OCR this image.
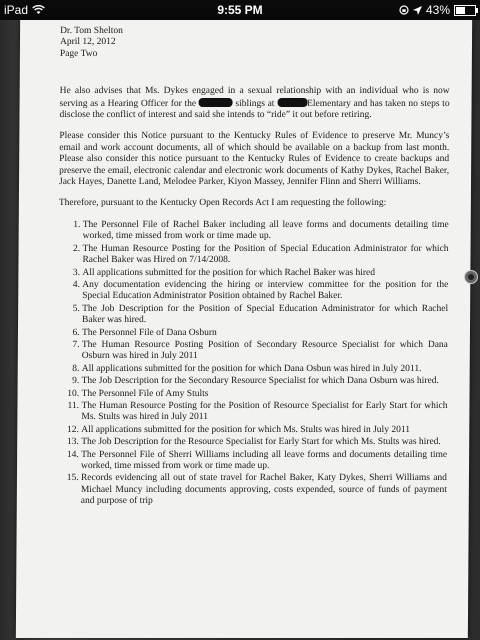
iPad	9:55 PM	43%

Dr. Tom Shelton

April 12, 2012

Page Two

He also advises that Ms. Dykes engaged in a sexual relationship with an individual who is now serving as a Hearing Officer for the	siblings at	Elementary and has taken no steps to disclose the conflict of interest and said she intends to “ride” it out before retiring.

Please consider this Notice pursuant to the Kentucky Rules of Evidence to preserve Mr. Muncy’s email and work account documents, all of which should be available on a backup from last month. Please also consider this notice pursuant to the Kentucky Rules of Evidence to create backups and preserve the email, electronic calendar and electronic work documents of Kathy Dykes, Rachel Baker, Jack Hayes, Danette Land, Melodee Parker, Kiyon Massey, Jennifer Flinn and Sherri Williams.

Therefore, pursuant to the Kentucky Open Records Act I am requesting the following:

1. The Personnel File of Rachel Baker including all leave forms and documents detailing time worked, time missed from work or time made up.
2. The Human Resource Posting for the Position of Special Education Administrator for which Rachel Baker was Hired on 7/14/2008.
3. All applications submitted for the position for which Rachel Baker was hired
4. Any documentation evidencing the hiring or interview committee for the position for the Special Education Administrator Position obtained by Rachel Baker.
5. The Job Description for the Position of Special Education Administrator for which Rachel Baker was hired.
6. The Personnel File of Dana Osburn
7. The Human Resource Posting Position of Secondary Resource Specialist for which Dana Osburn was hired in July 2011
8. All applications submitted for the position for which Dana Osbun was hired in July 2011.
9. The Job Description for the Secondary Resource Specialist for which Dana Osburn was hired.
10. The Personnel File of Amy Stults
11. The Human Resource Posting for the Position of Resource Specialist for Early Start for which Ms. Stults was hired in July 2011
12. All applications submitted for the position for which Ms. Stults was hired in July 2011
13. The Job Description for the Resource Specialist for Early Start for which Ms. Stults was hired.
14. The Personnel File of Sherri Williams including all leave forms and documents detailing time worked, time missed from work or time made up.
15. Records evidencing all out of state travel for Rachel Baker, Katy Dykes, Sherri Williams and Michael Muncy including documents approving, costs expended, source of funds of payment and purpose of trip
